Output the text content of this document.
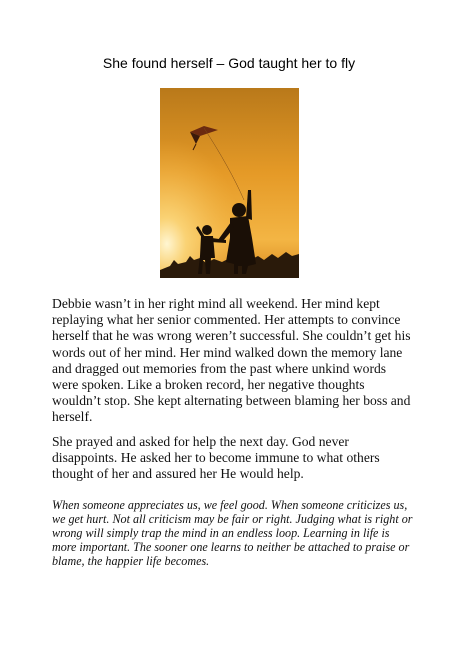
She found herself – God taught her to fly

Debbie wasn’t in her right mind all weekend. Her mind kept replaying what her senior commented. Her attempts to convince herself that he was wrong weren’t successful. She couldn’t get his words out of her mind. Her mind walked down the memory lane and dragged out memories from the past where unkind words were spoken. Like a broken record, her negative thoughts wouldn’t stop. She kept alternating between blaming her boss and herself.

She prayed and asked for help the next day. God never disappoints. He asked her to become immune to what others thought of her and assured her He would help.

When someone appreciates us, we feel good. When someone criticizes us, we get hurt. Not all criticism may be fair or right. Judging what is right or wrong will simply trap the mind in an endless loop. Learning in life is more important. The sooner one learns to neither be attached to praise or blame, the happier life becomes.
